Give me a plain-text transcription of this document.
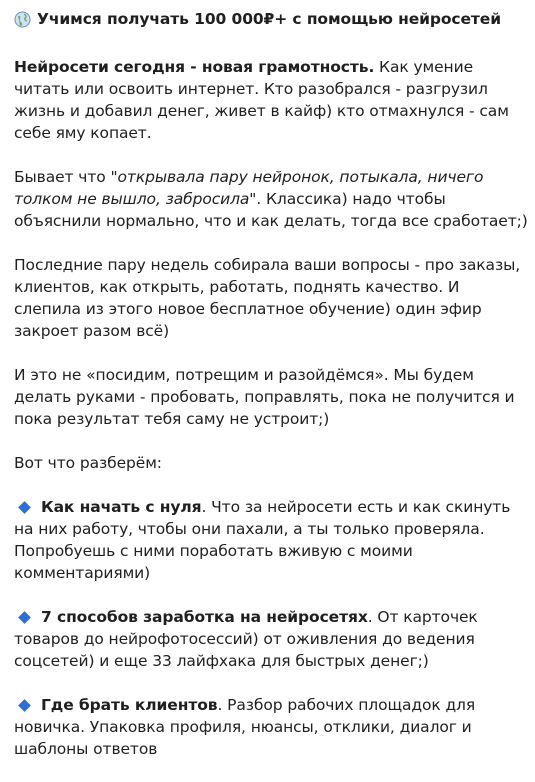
Учимся получать 100 000₽+ с помощью нейросетей

Нейросети сегодня - новая грамотность. Как умение читать или освоить интернет. Кто разобрался - разгрузил жизнь и добавил денег, живет в кайф) кто отмахнулся - сам себе яму копает.

Бывает что "открывала пару нейронок, потыкала, ничего толком не вышло, забросила". Классика) надо чтобы объяснили нормально, что и как делать, тогда все сработает;)

Последние пару недель собирала ваши вопросы - про заказы, клиентов, как открыть, работать, поднять качество. И слепила из этого новое бесплатное обучение) один эфир закроет разом всё)

И это не «посидим, потрещим и разойдёмся». Мы будем делать руками - пробовать, поправлять, пока не получится и пока результат тебя саму не устроит;)

Вот что разберём:

Как начать с нуля. Что за нейросети есть и как скинуть на них работу, чтобы они пахали, а ты только проверяла. Попробуешь с ними поработать вживую с моими комментариями)

7 способов заработка на нейросетях. От карточек товаров до нейрофотосессий) от оживления до ведения соцсетей) и еще 33 лайфхака для быстрых денег;)

Где брать клиентов. Разбор рабочих площадок для новичка. Упаковка профиля, нюансы, отклики, диалог и шаблоны ответов
